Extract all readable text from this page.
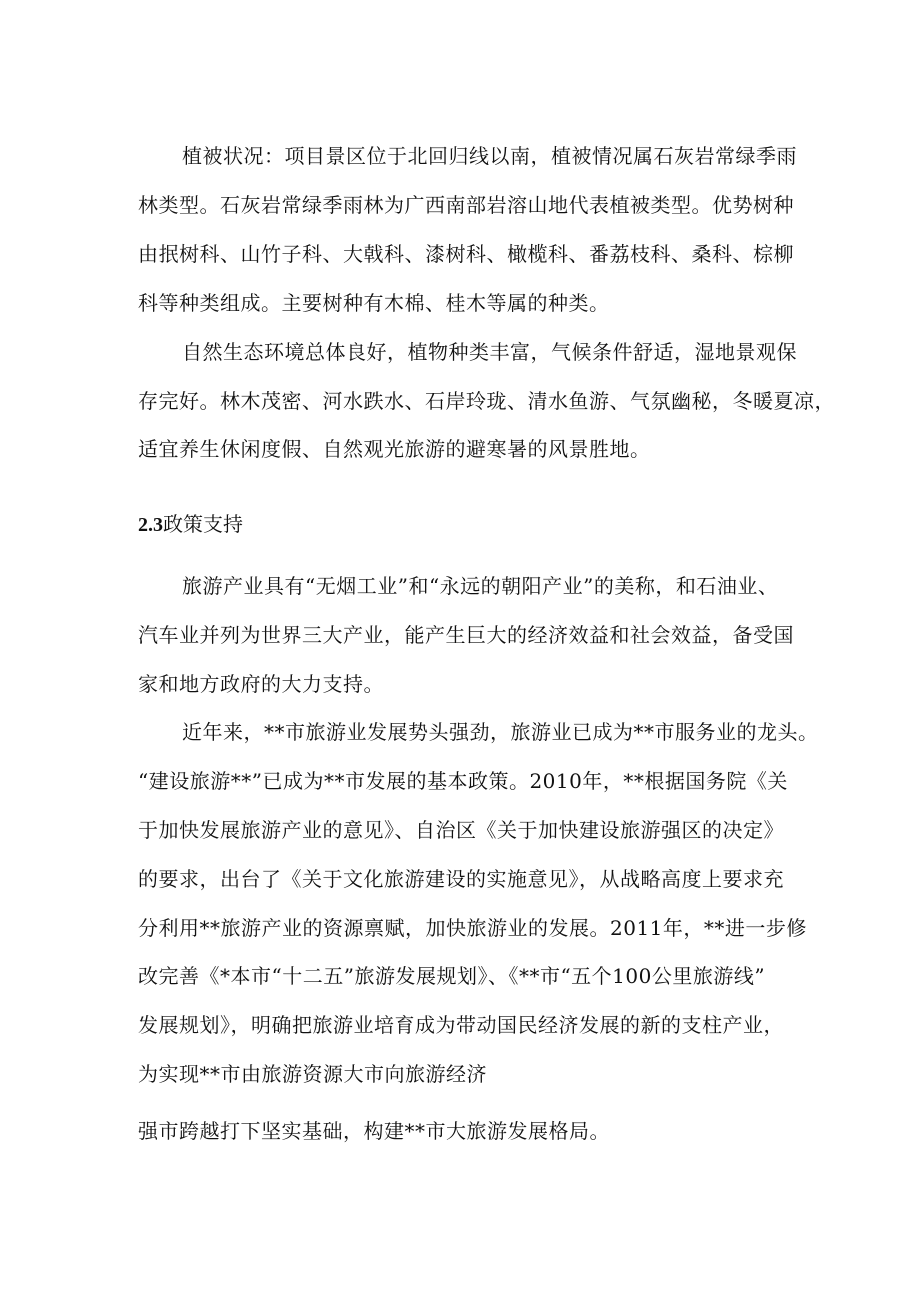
植被状况：项目景区位于北回归线以南，植被情况属石灰岩常绿季雨
林类型。石灰岩常绿季雨林为广西南部岩溶山地代表植被类型。优势树种
由抿树科、山竹子科、大戟科、漆树科、橄榄科、番荔枝科、桑科、棕柳
科等种类组成。主要树种有木棉、桂木等属的种类。
自然生态环境总体良好，植物种类丰富，气候条件舒适，湿地景观保
存完好。林木茂密、河水跌水、石岸玲珑、清水鱼游、气氛幽秘，冬暖夏凉，
适宜养生休闲度假、自然观光旅游的避寒暑的风景胜地。
2.3政策支持
旅游产业具有“无烟工业”和“永远的朝阳产业”的美称，和石油业、
汽车业并列为世界三大产业，能产生巨大的经济效益和社会效益，备受国
家和地方政府的大力支持。
近年来，**市旅游业发展势头强劲，旅游业已成为**市服务业的龙头。
“建设旅游**”已成为**市发展的基本政策。2010年，**根据国务院《关
于加快发展旅游产业的意见》、自治区《关于加快建设旅游强区的决定》
的要求，出台了《关于文化旅游建设的实施意见》，从战略高度上要求充
分利用**旅游产业的资源禀赋，加快旅游业的发展。2011年，**进一步修
改完善《*本市“十二五”旅游发展规划》、《**市“五个100公里旅游线”
发展规划》，明确把旅游业培育成为带动国民经济发展的新的支柱产业，
为实现**市由旅游资源大市向旅游经济
强市跨越打下坚实基础，构建**市大旅游发展格局。
